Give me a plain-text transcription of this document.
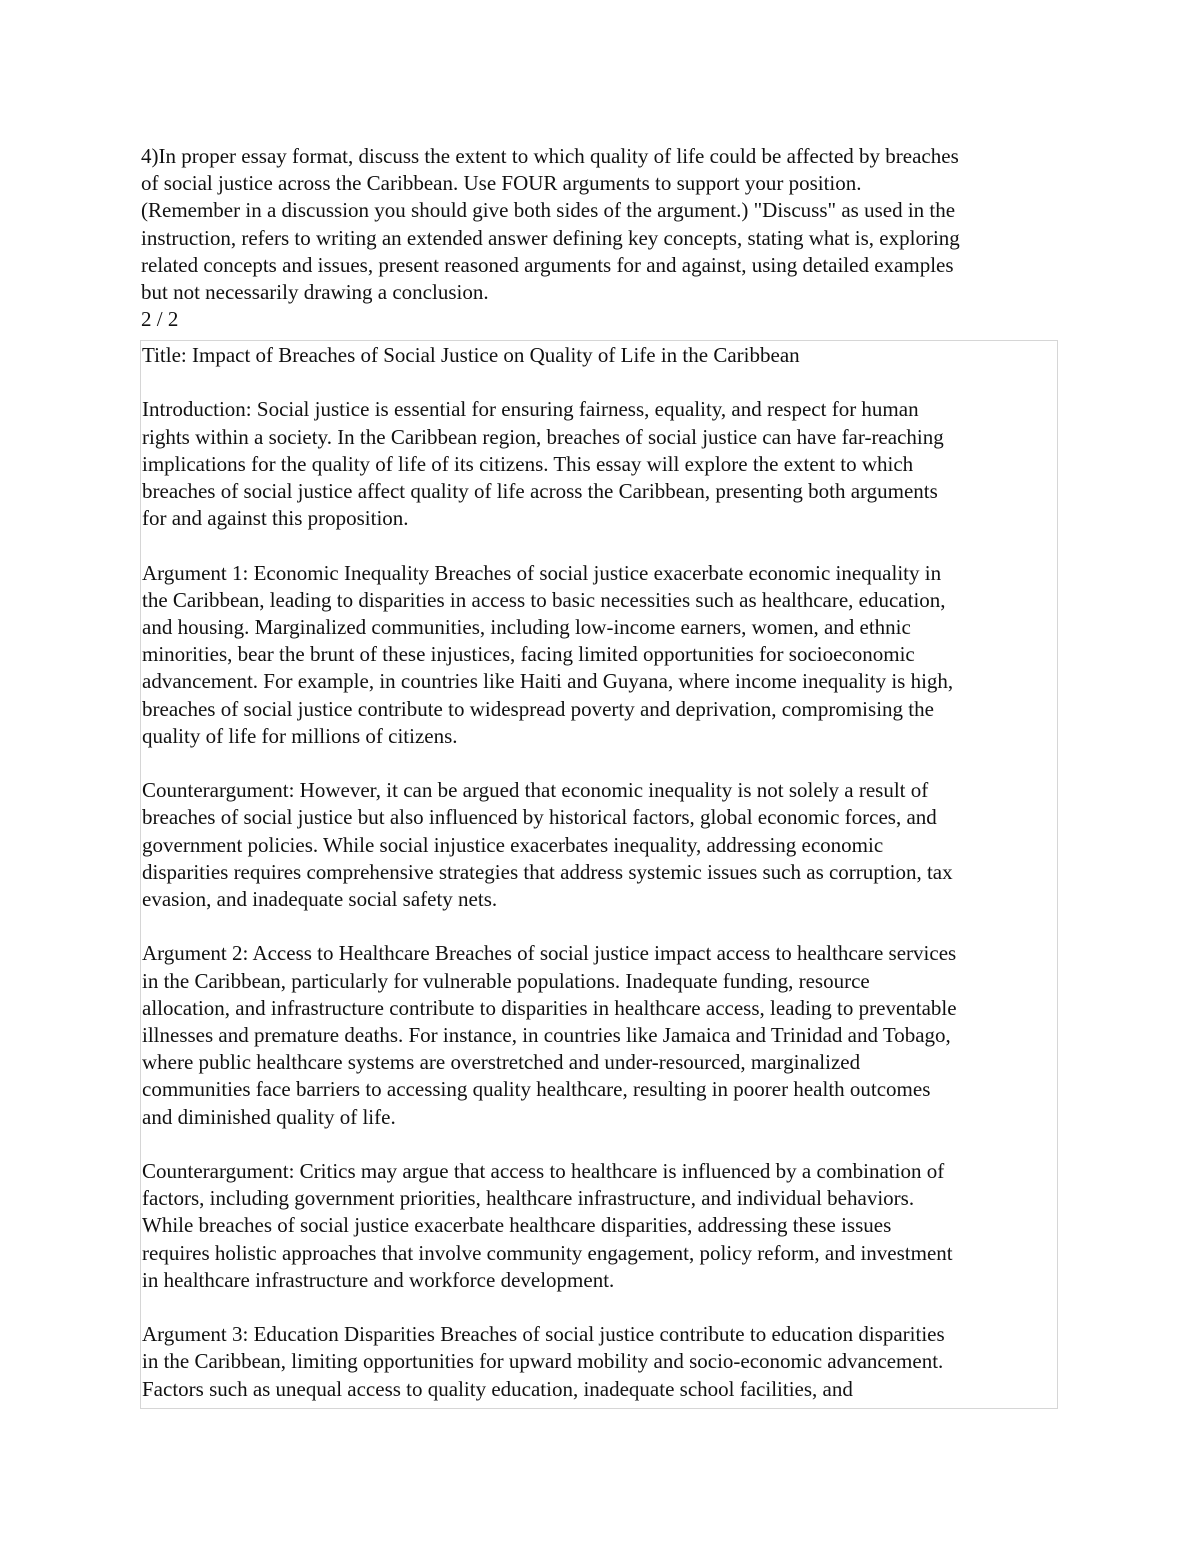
4)In proper essay format, discuss the extent to which quality of life could be affected by breaches
of social justice across the Caribbean. Use FOUR arguments to support your position.
(Remember in a discussion you should give both sides of the argument.) "Discuss" as used in the
instruction, refers to writing an extended answer defining key concepts, stating what is, exploring
related concepts and issues, present reasoned arguments for and against, using detailed examples
but not necessarily drawing a conclusion.

2 / 2

Title: Impact of Breaches of Social Justice on Quality of Life in the Caribbean

Introduction: Social justice is essential for ensuring fairness, equality, and respect for human
rights within a society. In the Caribbean region, breaches of social justice can have far-reaching
implications for the quality of life of its citizens. This essay will explore the extent to which
breaches of social justice affect quality of life across the Caribbean, presenting both arguments
for and against this proposition.

Argument 1: Economic Inequality Breaches of social justice exacerbate economic inequality in
the Caribbean, leading to disparities in access to basic necessities such as healthcare, education,
and housing. Marginalized communities, including low-income earners, women, and ethnic
minorities, bear the brunt of these injustices, facing limited opportunities for socioeconomic
advancement. For example, in countries like Haiti and Guyana, where income inequality is high,
breaches of social justice contribute to widespread poverty and deprivation, compromising the
quality of life for millions of citizens.

Counterargument: However, it can be argued that economic inequality is not solely a result of
breaches of social justice but also influenced by historical factors, global economic forces, and
government policies. While social injustice exacerbates inequality, addressing economic
disparities requires comprehensive strategies that address systemic issues such as corruption, tax
evasion, and inadequate social safety nets.

Argument 2: Access to Healthcare Breaches of social justice impact access to healthcare services
in the Caribbean, particularly for vulnerable populations. Inadequate funding, resource
allocation, and infrastructure contribute to disparities in healthcare access, leading to preventable
illnesses and premature deaths. For instance, in countries like Jamaica and Trinidad and Tobago,
where public healthcare systems are overstretched and under-resourced, marginalized
communities face barriers to accessing quality healthcare, resulting in poorer health outcomes
and diminished quality of life.

Counterargument: Critics may argue that access to healthcare is influenced by a combination of
factors, including government priorities, healthcare infrastructure, and individual behaviors.
While breaches of social justice exacerbate healthcare disparities, addressing these issues
requires holistic approaches that involve community engagement, policy reform, and investment
in healthcare infrastructure and workforce development.

Argument 3: Education Disparities Breaches of social justice contribute to education disparities
in the Caribbean, limiting opportunities for upward mobility and socio-economic advancement.
Factors such as unequal access to quality education, inadequate school facilities, and
